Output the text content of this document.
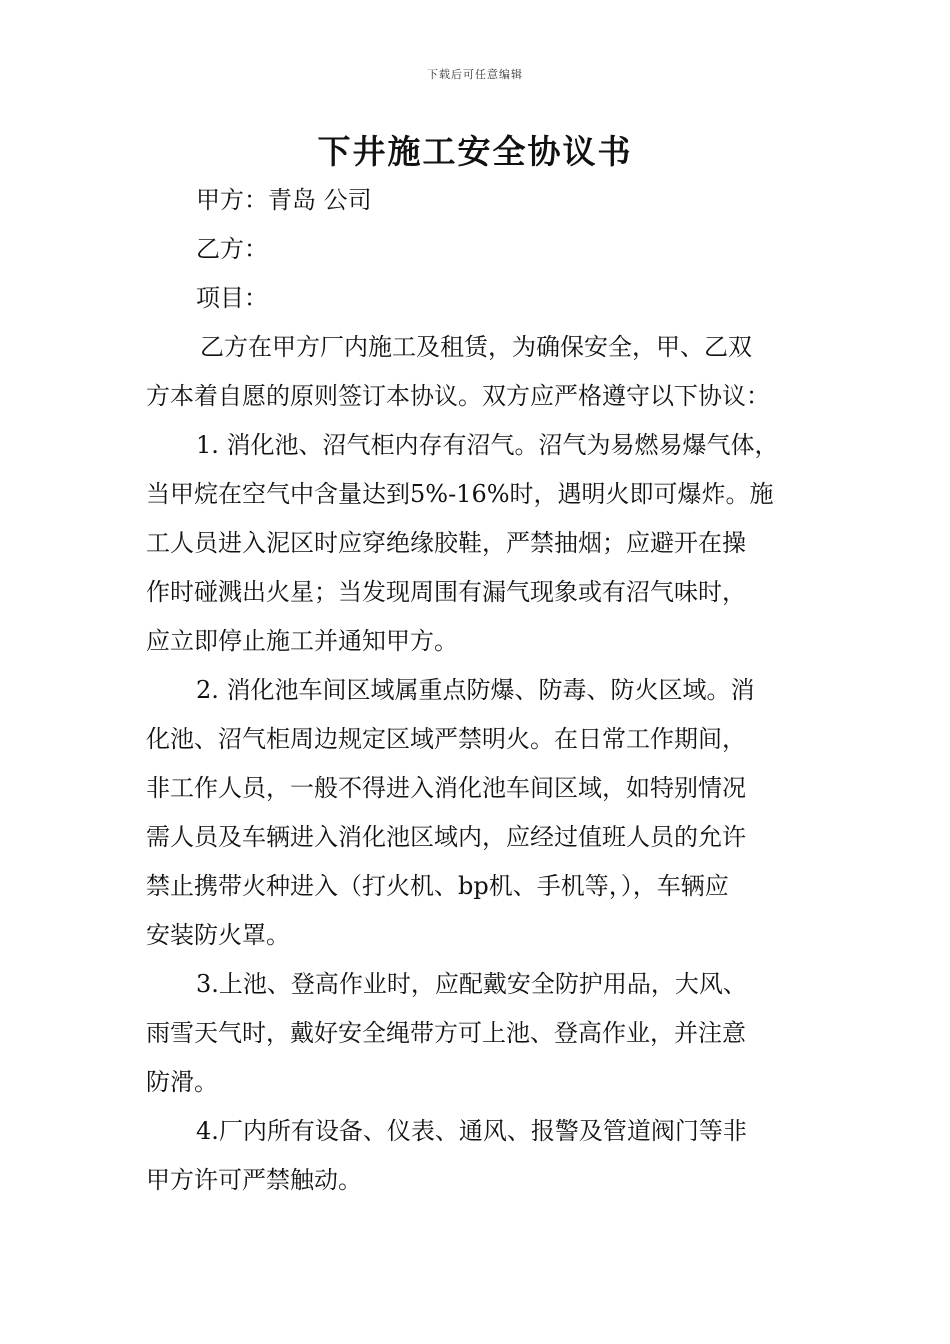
下载后可任意编辑
下井施工安全协议书
甲方：青岛 公司
乙方：
项目：
乙方在甲方厂内施工及租赁，为确保安全，甲、乙双
方本着自愿的原则签订本协议。双方应严格遵守以下协议：
1. 消化池、沼气柜内存有沼气。沼气为易燃易爆气体，
当甲烷在空气中含量达到5%-16%时，遇明火即可爆炸。施
工人员进入泥区时应穿绝缘胶鞋，严禁抽烟；应避开在操
作时碰溅出火星；当发现周围有漏气现象或有沼气味时，
应立即停止施工并通知甲方。
2. 消化池车间区域属重点防爆、防毒、防火区域。消
化池、沼气柜周边规定区域严禁明火。在日常工作期间，
非工作人员，一般不得进入消化池车间区域，如特别情况
需人员及车辆进入消化池区域内，应经过值班人员的允许
禁止携带火种进入（打火机、bp机、手机等，），车辆应
安装防火罩。
3.上池、登高作业时，应配戴安全防护用品，大风、
雨雪天气时，戴好安全绳带方可上池、登高作业，并注意
防滑。
4.厂内所有设备、仪表、通风、报警及管道阀门等非
甲方许可严禁触动。
